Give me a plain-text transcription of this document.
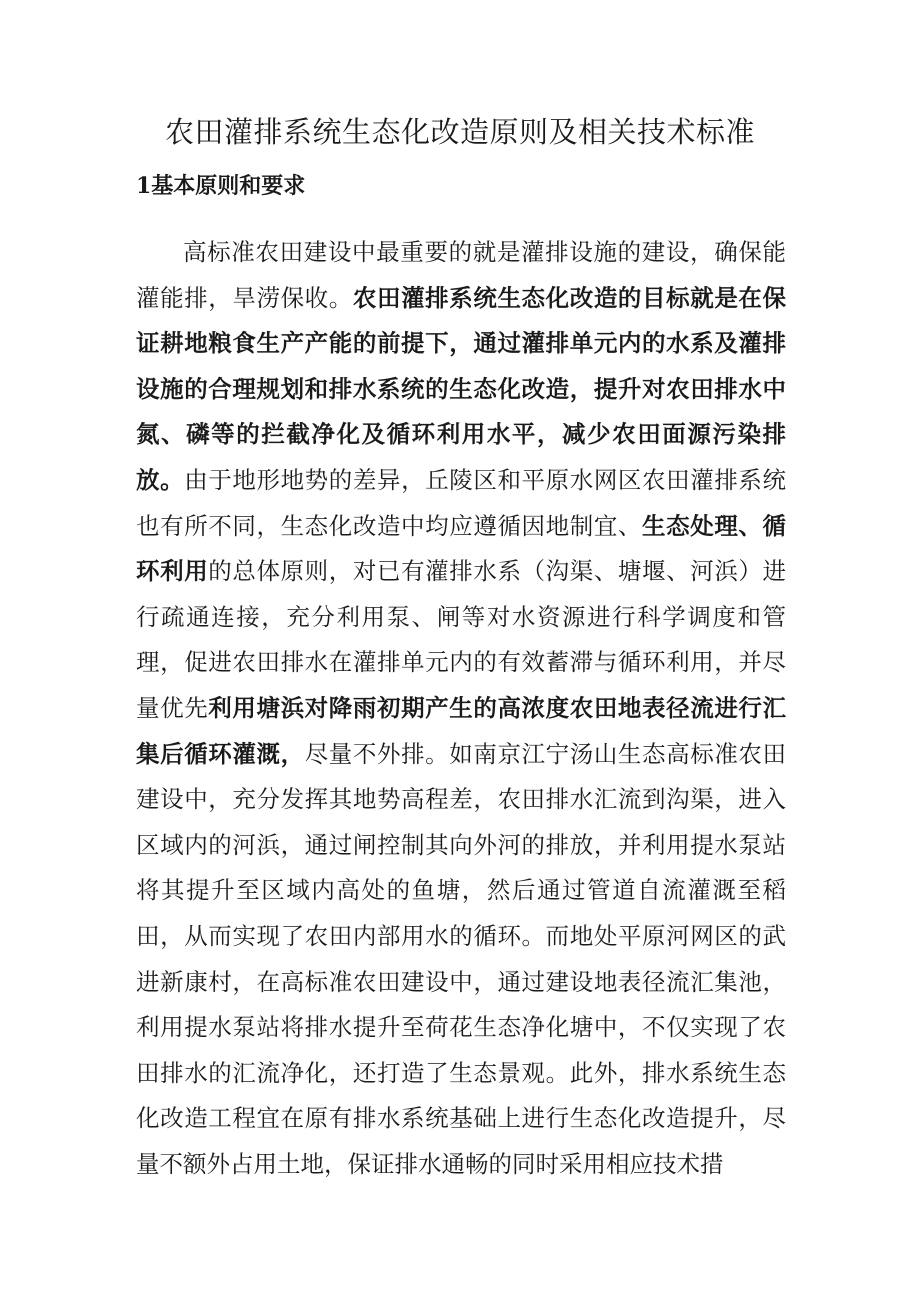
农田灌排系统生态化改造原则及相关技术标准
1基本原则和要求

高标准农田建设中最重要的就是灌排设施的建设，确保能灌能排，旱涝保收。农田灌排系统生态化改造的目标就是在保证耕地粮食生产产能的前提下，通过灌排单元内的水系及灌排设施的合理规划和排水系统的生态化改造，提升对农田排水中氮、磷等的拦截净化及循环利用水平，减少农田面源污染排放。由于地形地势的差异，丘陵区和平原水网区农田灌排系统也有所不同，生态化改造中均应遵循因地制宜、生态处理、循环利用的总体原则，对已有灌排水系（沟渠、塘堰、河浜）进行疏通连接，充分利用泵、闸等对水资源进行科学调度和管理，促进农田排水在灌排单元内的有效蓄滞与循环利用，并尽量优先利用塘浜对降雨初期产生的高浓度农田地表径流进行汇集后循环灌溉，尽量不外排。如南京江宁汤山生态高标准农田建设中，充分发挥其地势高程差，农田排水汇流到沟渠，进入区域内的河浜，通过闸控制其向外河的排放，并利用提水泵站将其提升至区域内高处的鱼塘，然后通过管道自流灌溉至稻田，从而实现了农田内部用水的循环。而地处平原河网区的武进新康村，在高标准农田建设中，通过建设地表径流汇集池，利用提水泵站将排水提升至荷花生态净化塘中，不仅实现了农田排水的汇流净化，还打造了生态景观。此外，排水系统生态化改造工程宜在原有排水系统基础上进行生态化改造提升，尽量不额外占用土地，保证排水通畅的同时采用相应技术措
